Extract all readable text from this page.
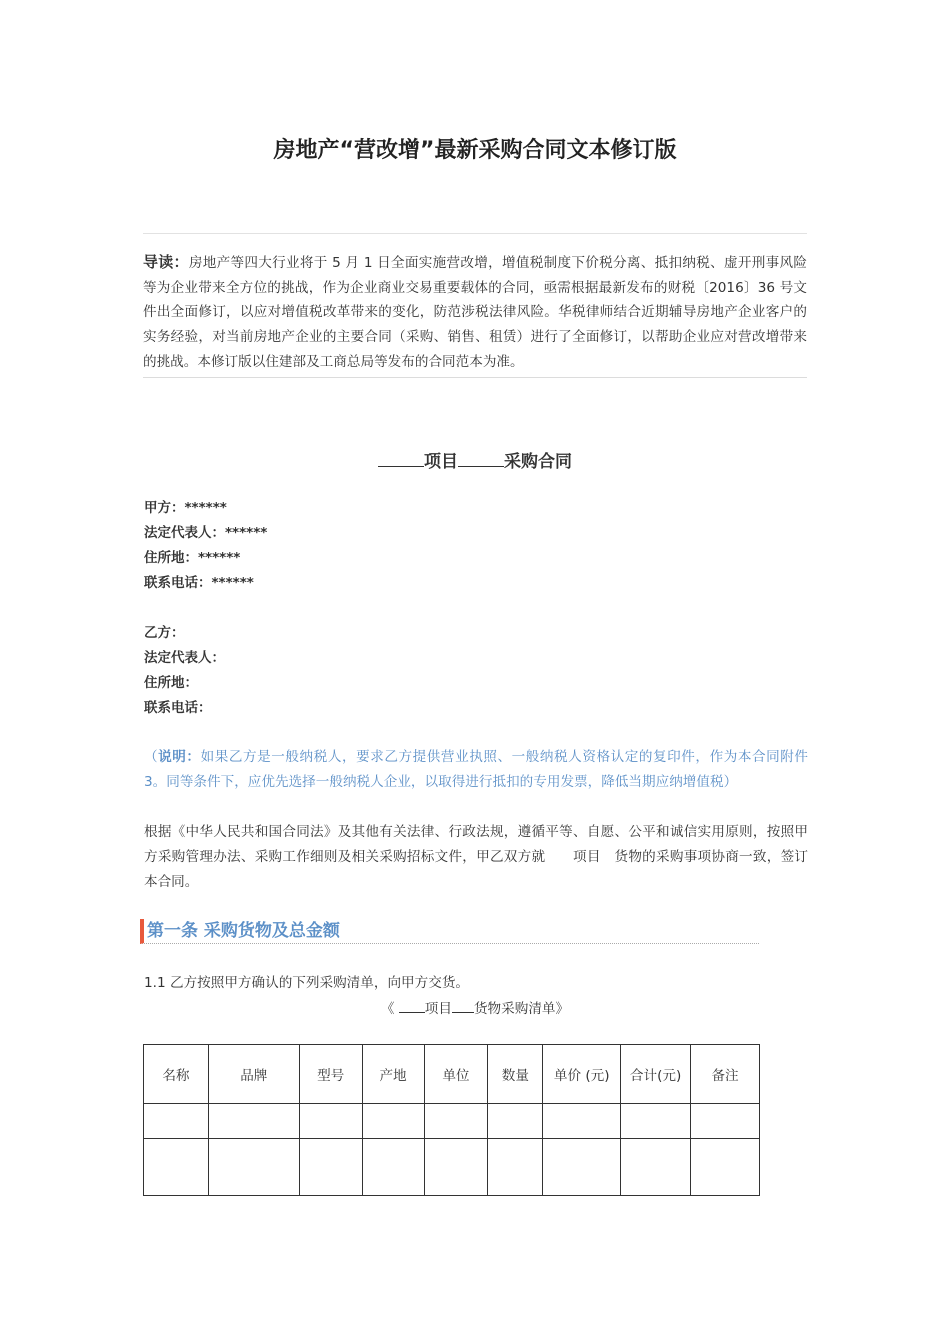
房地产“营改增”最新采购合同文本修订版
导读：房地产等四大行业将于 5 月 1 日全面实施营改增，增值税制度下价税分离、抵扣纳税、虚开刑事风险等为企业带来全方位的挑战，作为企业商业交易重要载体的合同，亟需根据最新发布的财税〔2016〕36 号文件出全面修订，以应对增值税改革带来的变化，防范涉税法律风险。华税律师结合近期辅导房地产企业客户的实务经验，对当前房地产企业的主要合同（采购、销售、租赁）进行了全面修订，以帮助企业应对营改增带来的挑战。本修订版以住建部及工商总局等发布的合同范本为准。
项目	采购合同
甲方：******
法定代表人：******
住所地：******
联系电话：******
乙方：
法定代表人：
住所地：
联系电话：
（说明：如果乙方是一般纳税人，要求乙方提供营业执照、一般纳税人资格认定的复印件，作为本合同附件 3。同等条件下，应优先选择一般纳税人企业，以取得进行抵扣的专用发票，降低当期应纳增值税）
根据《中华人民共和国合同法》及其他有关法律、行政法规，遵循平等、自愿、公平和诚信实用原则，按照甲方采购管理办法、采购工作细则及相关采购招标文件，甲乙双方就　　项目　货物的采购事项协商一致，签订本合同。
第一条 采购货物及总金额
1.1 乙方按照甲方确认的下列采购清单，向甲方交货。
《 项目 货物采购清单》
名称	品牌	型号	产地	单位	数量	单价 (元)	合计(元)	备注
